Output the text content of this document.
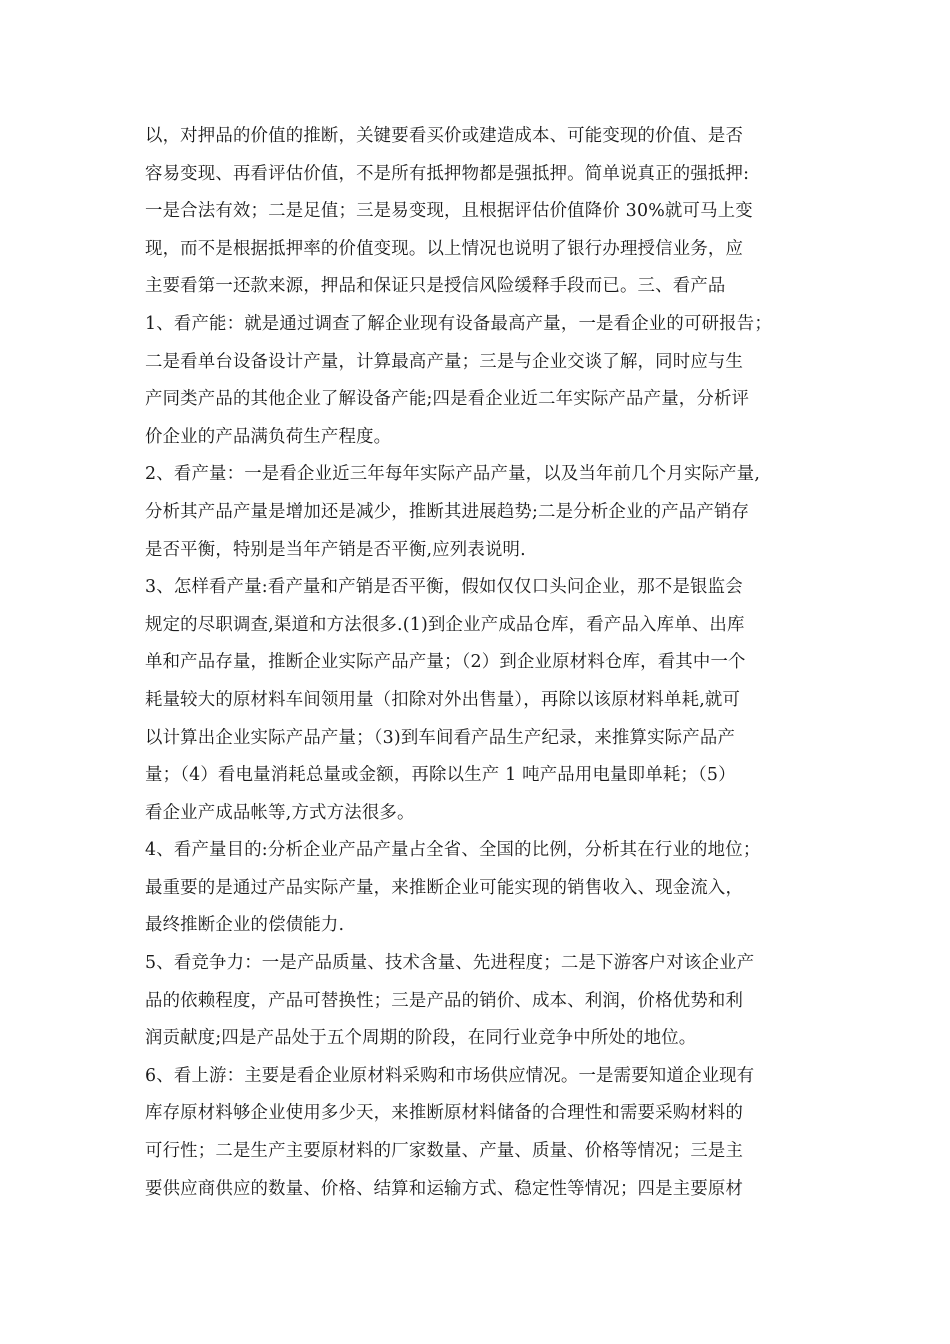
以，对押品的价值的推断，关键要看买价或建造成本、可能变现的价值、是否
容易变现、再看评估价值，不是所有抵押物都是强抵押。简单说真正的强抵押:
一是合法有效；二是足值；三是易变现，且根据评估价值降价 30%就可马上变
现，而不是根据抵押率的价值变现。以上情况也说明了银行办理授信业务，应
主要看第一还款来源，押品和保证只是授信风险缓释手段而已。三、看产品
1、看产能：就是通过调查了解企业现有设备最高产量，一是看企业的可研报告；
二是看单台设备设计产量，计算最高产量；三是与企业交谈了解，同时应与生
产同类产品的其他企业了解设备产能;四是看企业近二年实际产品产量，分析评
价企业的产品满负荷生产程度。
2、看产量：一是看企业近三年每年实际产品产量，以及当年前几个月实际产量,
分析其产品产量是增加还是减少，推断其进展趋势;二是分析企业的产品产销存
是否平衡，特别是当年产销是否平衡,应列表说明.
3、怎样看产量:看产量和产销是否平衡，假如仅仅口头问企业，那不是银监会
规定的尽职调查,渠道和方法很多.(1)到企业产成品仓库，看产品入库单、出库
单和产品存量，推断企业实际产品产量；（2）到企业原材料仓库，看其中一个
耗量较大的原材料车间领用量（扣除对外出售量），再除以该原材料单耗,就可
以计算出企业实际产品产量；（3)到车间看产品生产纪录，来推算实际产品产
量；（4）看电量消耗总量或金额，再除以生产 1 吨产品用电量即单耗；（5）
看企业产成品帐等,方式方法很多。
4、看产量目的:分析企业产品产量占全省、全国的比例，分析其在行业的地位；
最重要的是通过产品实际产量，来推断企业可能实现的销售收入、现金流入，
最终推断企业的偿债能力.
5、看竞争力：一是产品质量、技术含量、先进程度；二是下游客户对该企业产
品的依赖程度，产品可替换性；三是产品的销价、成本、利润，价格优势和利
润贡献度;四是产品处于五个周期的阶段，在同行业竞争中所处的地位。
6、看上游：主要是看企业原材料采购和市场供应情况。一是需要知道企业现有
库存原材料够企业使用多少天，来推断原材料储备的合理性和需要采购材料的
可行性；二是生产主要原材料的厂家数量、产量、质量、价格等情况；三是主
要供应商供应的数量、价格、结算和运输方式、稳定性等情况；四是主要原材
